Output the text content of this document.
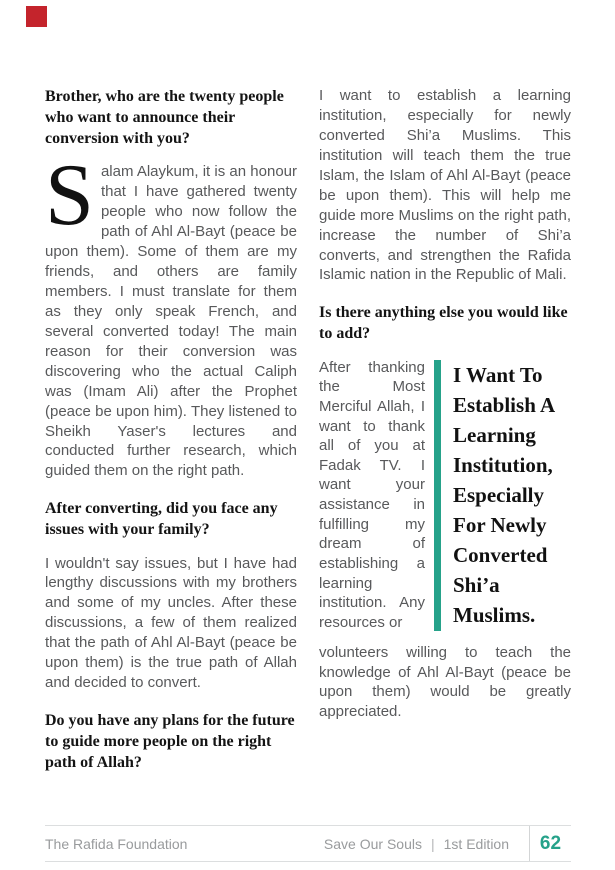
Brother, who are the twenty people who want to announce their conversion with you?

Salam Alaykum, it is an honour that I have gathered twenty people who now follow the path of Ahl Al-Bayt (peace be upon them). Some of them are my friends, and others are family members. I must translate for them as they only speak French, and several converted today! The main reason for their conversion was discovering who the actual Caliph was (Imam Ali) after the Prophet (peace be upon him). They listened to Sheikh Yaser's lectures and conducted further research, which guided them on the right path.

After converting, did you face any issues with your family?

I wouldn't say issues, but I have had lengthy discussions with my brothers and some of my uncles. After these discussions, a few of them realized that the path of Ahl Al-Bayt (peace be upon them) is the true path of Allah and decided to convert.

Do you have any plans for the future to guide more people on the right path of Allah?

I want to establish a learning institution, especially for newly converted Shi’a Muslims. This institution will teach them the true Islam, the Islam of Ahl Al-Bayt (peace be upon them). This will help me guide more Muslims on the right path, increase the number of Shi’a converts, and strengthen the Rafida Islamic nation in the Republic of Mali.

Is there anything else you would like to add?
After thanking the Most Merciful Allah, I want to thank all of you at Fadak TV. I want your assistance in fulfilling my dream of establishing a learning institution. Any resources or
I Want To
Establish A
Learning
Institution,
Especially
For Newly
Converted
Shi’a
Muslims.

volunteers willing to teach the knowledge of Ahl Al-Bayt (peace be upon them) would be greatly appreciated.

The Rafida Foundation	Save Our Souls | 1st Edition	62
